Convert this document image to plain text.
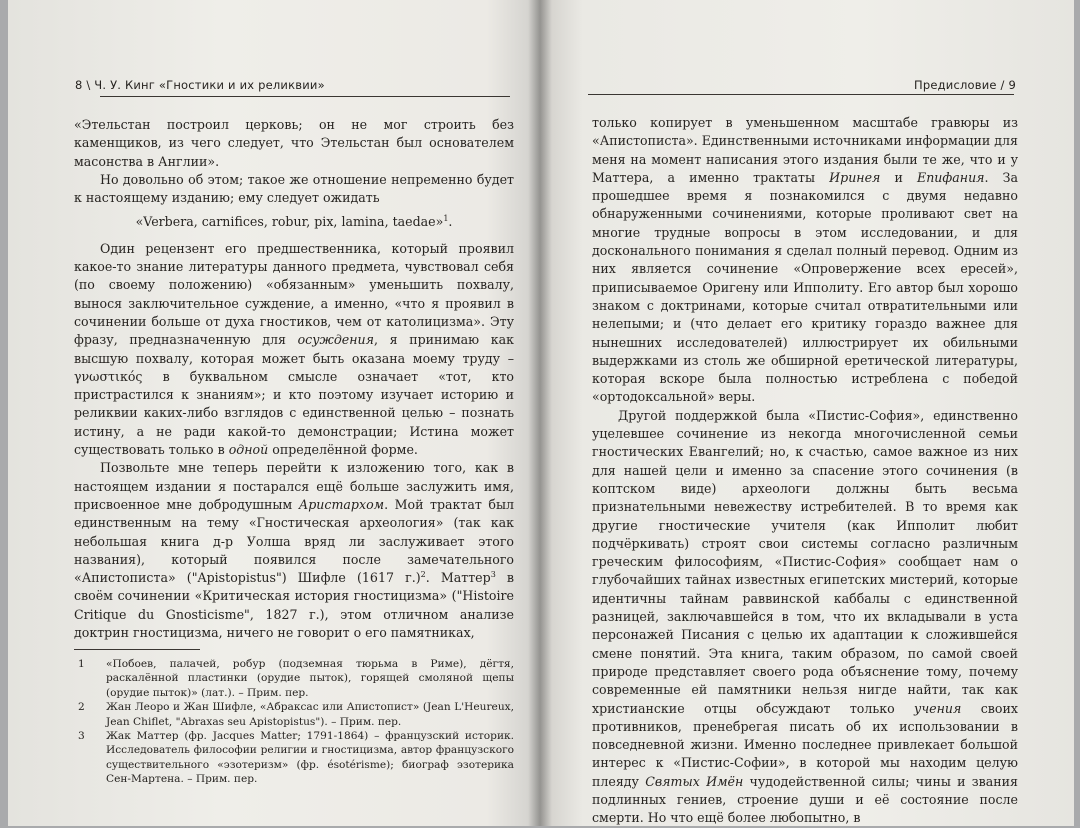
8 \ Ч. У. Кинг «Гностики и их реликвии»

«Этельстан построил церковь; он не мог строить без каменщиков, из чего следует, что Этельстан был основателем масонства в Англии».

Но довольно об этом; такое же отношение непременно будет к настоящему изданию; ему следует ожидать

«Verbera, carnifices, robur, pix, lamina, taedae»$^1$.

Один рецензент его предшественника, который проявил какое-то знание литературы данного предмета, чувствовал себя (по своему положению) «обязанным» уменьшить похвалу, вынося заключительное суждение, а именно, «что я проявил в сочинении больше от духа гностиков, чем от католицизма». Эту фразу, предназначенную для осуждения, я принимаю как высшую похвалу, которая может быть оказана моему труду – γνωστικός в буквальном смысле означает «тот, кто пристрастился к знаниям»; и кто поэтому изучает историю и реликвии каких-либо взглядов с единственной целью – познать истину, а не ради какой-то демонстрации; Истина может существовать только в одной определённой форме.

Позвольте мне теперь перейти к изложению того, как в настоящем издании я постарался ещё больше заслужить имя, присвоенное мне добродушным Аристархом. Мой трактат был единственным на тему «Гностическая археология» (так как небольшая книга д-р Уолша вряд ли заслуживает этого названия), который появился после замечательного «Апистописта» ("Apistopistus") Шифле (1617 г.)$^2$. Маттер$^3$ в своём сочинении «Критическая история гностицизма» ("Histoire Critique du Gnosticisme", 1827 г.), этом отличном анализе доктрин гностицизма, ничего не говорит о его памятниках,

1	«Побоев, палачей, робур (подземная тюрьма в Риме), дёгтя, раскалённой пластинки (орудие пыток), горящей смоляной щепы (орудие пыток)» (лат.). – Прим. пер.
2	Жан Леоро и Жан Шифле, «Абраксас или Апистопист» (Jean L'Heureux, Jean Chiflet, "Abraxas seu Apistopistus"). – Прим. пер.
3	Жак Маттер (фр. Jacques Matter; 1791-1864) – французский историк. Исследователь философии религии и гностицизма, автор французского существительного «эзотеризм» (фр. ésotérisme); биограф эзотерика Сен-Мартена. – Прим. пер.
Предисловие / 9

только копирует в уменьшенном масштабе гравюры из «Апистописта». Единственными источниками информации для меня на момент написания этого издания были те же, что и у Маттера, а именно трактаты Иринея и Епифания. За прошедшее время я познакомился с двумя недавно обнаруженными сочинениями, которые проливают свет на многие трудные вопросы в этом исследовании, и для досконального понимания я сделал полный перевод. Одним из них является сочинение «Опровержение всех ересей», приписываемое Оригену или Ипполиту. Его автор был хорошо знаком с доктринами, которые считал отвратительными или нелепыми; и (что делает его критику гораздо важнее для нынешних исследователей) иллюстрирует их обильными выдержками из столь же обширной еретической литературы, которая вскоре была полностью истреблена с победой «ортодоксальной» веры.

Другой поддержкой была «Пистис-София», единственно уцелевшее сочинение из некогда многочисленной семьи гностических Евангелий; но, к счастью, самое важное из них для нашей цели и именно за спасение этого сочинения (в коптском виде) археологи должны быть весьма признательными невежеству истребителей. В то время как другие гностические учителя (как Ипполит любит подчёркивать) строят свои системы согласно различным греческим философиям, «Пистис-София» сообщает нам о глубочайших тайнах известных египетских мистерий, которые идентичны тайнам раввинской каббалы с единственной разницей, заключавшейся в том, что их вкладывали в уста персонажей Писания с целью их адаптации к сложившейся смене понятий. Эта книга, таким образом, по самой своей природе представляет своего рода объяснение тому, почему современные ей памятники нельзя нигде найти, так как христианские отцы обсуждают только учения своих противников, пренебрегая писать об их использовании в повседневной жизни. Именно последнее привлекает большой интерес к «Пистис-Софии», в которой мы находим целую плеяду Святых Имён чудодейственной силы; чины и звания подлинных гениев, строение души и её состояние после смерти. Но что ещё более любопытно, в
